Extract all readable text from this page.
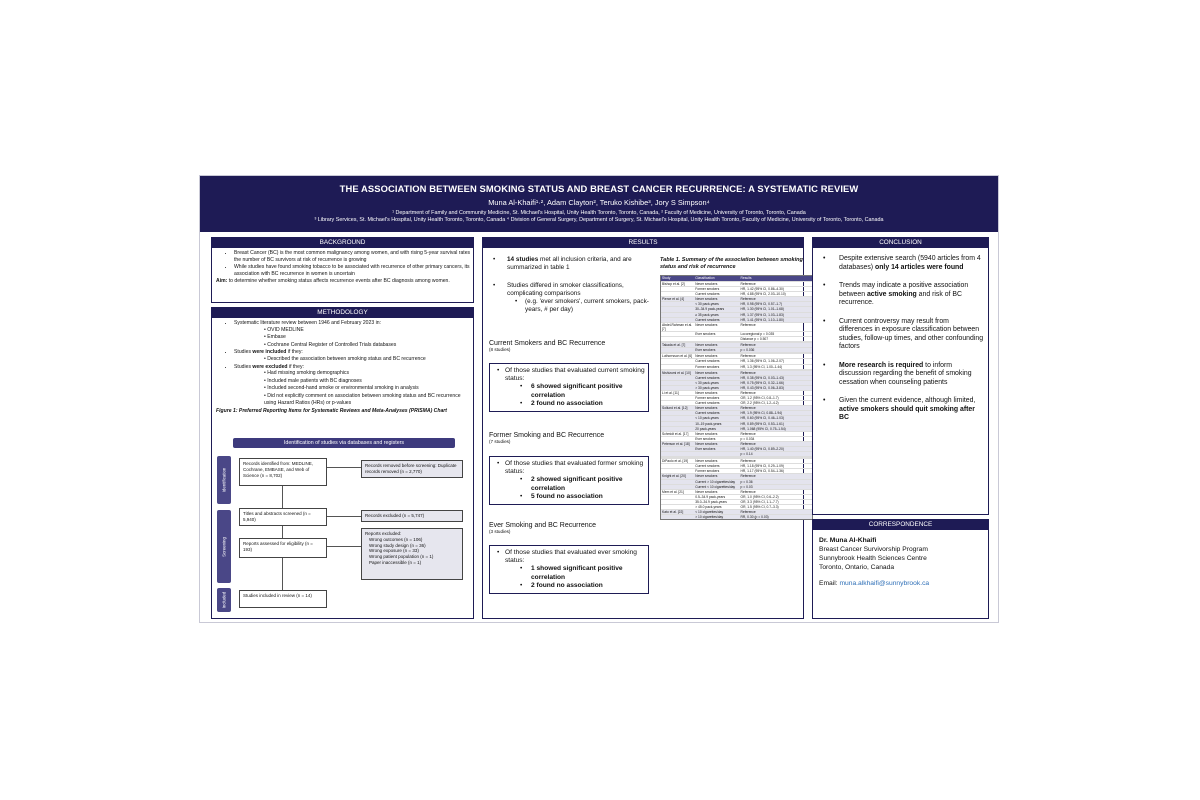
THE ASSOCIATION BETWEEN SMOKING STATUS AND BREAST CANCER RECURRENCE: A SYSTEMATIC REVIEW
Muna Al-Khaifi¹·², Adam Clayton², Teruko Kishibe³, Jory S Simpson⁴
¹ Department of Family and Community Medicine, St. Michael's Hospital, Unity Health Toronto, Toronto, Canada, ² Faculty of Medicine, University of Toronto, Toronto, Canada
³ Library Services, St. Michael's Hospital, Unity Health Toronto, Toronto, Canada ⁴ Division of General Surgery, Department of Surgery, St. Michael's Hospital, Unity Health Toronto, Faculty of Medicine, University of Toronto, Toronto, Canada
BACKGROUND
• Breast Cancer (BC) is the most common malignancy among women, and with rising 5-year survival rates the number of BC survivors at risk of recurrence is growing
• While studies have found smoking tobacco to be associated with recurrence of other primary cancers, its association with BC recurrence in women is uncertain
Aim: to determine whether smoking status affects recurrence events after BC diagnosis among women.
METHODOLOGY
• Systematic literature review between 1946 and February 2023 in:
• OVID MEDLINE
• Embase
• Cochrane Central Register of Controlled Trials databases
• Studies were included if they:
• Described the association between smoking status and BC recurrence
• Studies were excluded if they:
• Had missing smoking demographics
• Included male patients with BC diagnoses
• Included second-hand smoke or environmental smoking in analysis
• Did not explicitly comment on association between smoking status and BC recurrence using Hazard Ratios (HRs) or p-values
Figure 1: Preferred Reporting Items for Systematic Reviews and Meta-Analyses (PRISMA) Chart
Identification of studies via databases and registers
Identification
Screening
Included
Records identified from: MEDLINE, Cochrane, EMBASE, and Web of Science (n = 8,702)
Records removed before screening: Duplicate records removed (n = 2,770)
Titles and abstracts screened (n = 5,940)
Records excluded (n = 5,747)
Reports assessed for eligibility (n = 193)
Reports excluded:
Wrong outcomes (n = 106)
Wrong study design (n = 36)
Wrong exposure (n = 33)
Wrong patient population (n = 1)
Paper inaccessible (n = 1)
Studies included in review (n = 14)
RESULTS
• 14 studies met all inclusion criteria, and are summarized in table 1
• Studies differed in smoker classifications, complicating comparisons
• (e.g. 'ever smokers', current smokers, pack-years, # per day)
Current Smokers and BC Recurrence
(8 studies)
• Of those studies that evaluated current smoking status:
• 6 showed significant positive correlation
• 2 found no association
Former Smoking and BC Recurrence
(7 studies)
• Of those studies that evaluated former smoking status:
• 2 showed significant positive correlation
• 5 found no association
Ever Smoking and BC Recurrence
(3 studies)
• Of those studies that evaluated ever smoking status:
• 1 showed significant positive correlation
• 2 found no association
Table 1. Summary of the association between smoking status and risk of recurrence
Study	Classification	Results
Bishop et al. [2]	Never smokers	Reference
	Former smokers	HR, 1.42 (95% CI, 0.86–4.30)
	Current smokers	HR, 4.88 (95% CI, 2.03–10.10)
Pierce et al. [4]	Never smokers	Reference
	< 30 pack-years	HR, 0.98 (95% CI, 0.57–1.7)
	30–34.9 pack-years	HR, 1.30 (95% CI, 1.01–1.68)
	≥ 35 pack-years	HR, 1.37 (95% CI, 1.03–1.83)
	Current smokers	HR, 1.41 (95% CI, 1.10–1.80)
Abdel-Rahman et al. [7]	Never smokers	Reference
	Ever smokers	Locoregional p = 0.035
		Distance p = 0.507

Takada et al. [7]	Never smokers	Reference
	Ever smokers	p = 0.036

Luthorrsson et al. [6]	Never smokers	Reference
	Current smokers	HR, 1.36 (95% CI, 1.06–2.07)
	Former smokers	HR, 1.3 (95% CI, 1.00–1.44)

Nishizumi et al. [10]	Never smokers	Reference
	Current smokers	HR, 0.38 (95% CI, 0.03–1.43)
	< 30 pack-years	HR, 0.75 (95% CI, 0.32–1.66)
	> 30 pack-years	HR, 0.43 (95% CI, 0.06–3.83)
Li et al. [11]	Never smokers	Reference
	Former smokers	OR, 1.2 (95% CI, 0.8–1.7)
	Current smokers	OR, 2.2 (95% CI, 1.2–4.2)
Sollund et al. [12]	Never smokers	Reference
	Current smokers	HR, 1.9 (95% CI, 0.88–1.94)
	< 10 pack-years	HR, 0.60 (95% CI, 0.46–1.03)
	10–19 pack-years	HR, 0.89 (95% CI, 0.53–1.61)
	20 pack-years	HR, 1.068 (95% CI, 0.75–1.54)
Schmidt et al. [17]	Never smokers	Reference
	Ever smokers	p = 0.034
Peterson et al. [18]	Never smokers	Reference
	Ever smokers	HR, 1.40 (95% CI, 0.89–2.20)
		p = 0.14

DiPaolo et al. [19]	Never smokers	Reference
	Current smokers	HR, 1.18 (95% CI, 0.29–1.09)
	Former smokers	HR, 1.17 (95% CI, 0.54–1.36)
Knight et al. [20]	Never smokers	Reference
	Current > 10 cigarettes/day	p = 0.36
	Current < 10 cigarettes/day	p = 0.03
Mem et al. [21]	Never smokers	Reference
	0.5–34.9 pack-years	OR, 1.0 (95% CI, 0.6–2.2)
	35.0–34.9 pack-years	OR, 3.3 (95% CI, 1.1–7.7)
	> 45.0 pack-years	OR, 1.5 (95% CI, 0.7–3.3)
Kato et al. [22]	< 10 cigarettes/day	Reference
	> 10 cigarettes/day	RR, 0.30 (p = 0.03)
CONCLUSION
• Despite extensive search (5940 articles from 4 databases) only 14 articles were found
• Trends may indicate a positive association between active smoking and risk of BC recurrence.
• Current controversy may result from differences in exposure classification between studies, follow-up times, and other confounding factors
• More research is required to inform discussion regarding the benefit of smoking cessation when counseling patients
• Given the current evidence, although limited, active smokers should quit smoking after BC
CORRESPONDENCE
Dr. Muna Al-Khaifi
Breast Cancer Survivorship Program
Sunnybrook Health Sciences Centre
Toronto, Ontario, Canada
Email: muna.alkhaifi@sunnybrook.ca
